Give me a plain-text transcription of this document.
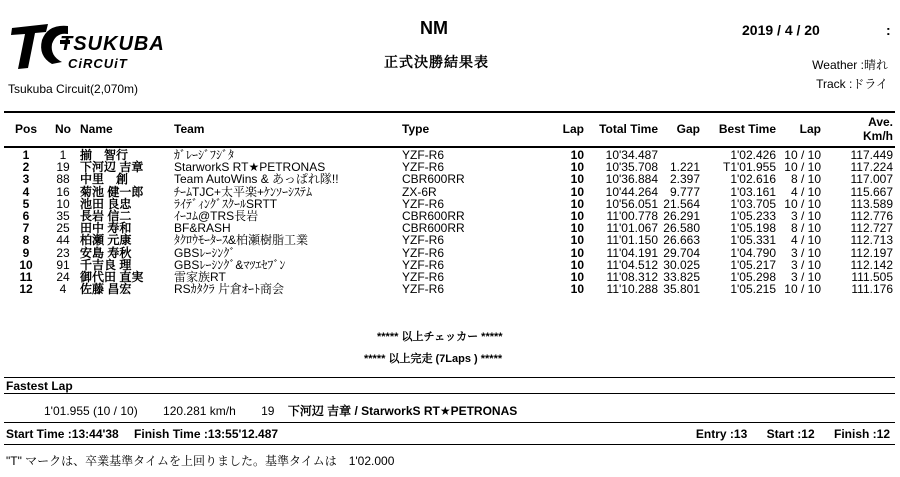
TSUKUBA
CiRCUiT
Tsukuba Circuit(2,070m)
NM
正式決勝結果表
2019 / 4 / 20	:
Weather :晴れ
Track :ドライ
Pos	No	Name	Team	Type	Lap	Total Time	Gap	Best Time	Lap	Ave.
Km/h

1	1	揃　智行	ｶﾞﾚｰｼﾞﾌｼﾞﾀ	YZF-R6	10	10'34.487		1'02.426	10 / 10	117.449
2	19	下河辺 吉章	StarworkS RT★PETRONAS	YZF-R6	10	10'35.708	1.221	T1'01.955	10 / 10	117.224
3	88	中里　創	Team AutoWins & あっぱれ隊!!	CBR600RR	10	10'36.884	2.397	1'02.616	8 / 10	117.007
4	16	菊池 健一郎	ﾁｰﾑTJC+太平楽+ｹﾝｿｰｼｽﾃﾑ	ZX-6R	10	10'44.264	9.777	1'03.161	4 / 10	115.667
5	10	池田 良忠	ﾗｲﾃﾞｨﾝｸﾞｽｸｰﾙSRTT	YZF-R6	10	10'56.051	21.564	1'03.705	10 / 10	113.589
6	35	長岩 信二	ｲｰｺﾑ@TRS長岩	CBR600RR	10	11'00.778	26.291	1'05.233	3 / 10	112.776
7	25	田中 寿和	BF&RASH	CBR600RR	10	11'01.067	26.580	1'05.198	8 / 10	112.727
8	44	柏瀬 元康	ﾀｸﾛｳﾓｰﾀｰｽ&柏瀬樹脂工業	YZF-R6	10	11'01.150	26.663	1'05.331	4 / 10	112.713
9	23	安島 寿秋	GBSﾚｰｼﾝｸﾞ	YZF-R6	10	11'04.191	29.704	1'04.790	3 / 10	112.197
10	91	千吉良 理	GBSﾚｰｼﾝｸﾞ&ﾏﾂｴｾﾌﾞﾝ	YZF-R6	10	11'04.512	30.025	1'05.217	3 / 10	112.142
11	24	御代田 直実	雷家族RT	YZF-R6	10	11'08.312	33.825	1'05.298	3 / 10	111.505
12	4	佐藤 昌宏	RSｶﾀｸﾗ 片倉ｵｰﾄ商会	YZF-R6	10	11'10.288	35.801	1'05.215	10 / 10	111.176
***** 以上チェッカー *****
***** 以上完走 (7Laps ) *****
Fastest Lap
1'01.955 (10 / 10) 120.281 km/h 19 下河辺 吉章 / StarworkS RT★PETRONAS
Start Time :13:44'38 Finish Time :13:55'12.487	Entry :13 Start :12 Finish :12
"T" マークは、卒業基準タイムを上回りました。基準タイムは　1'02.000
